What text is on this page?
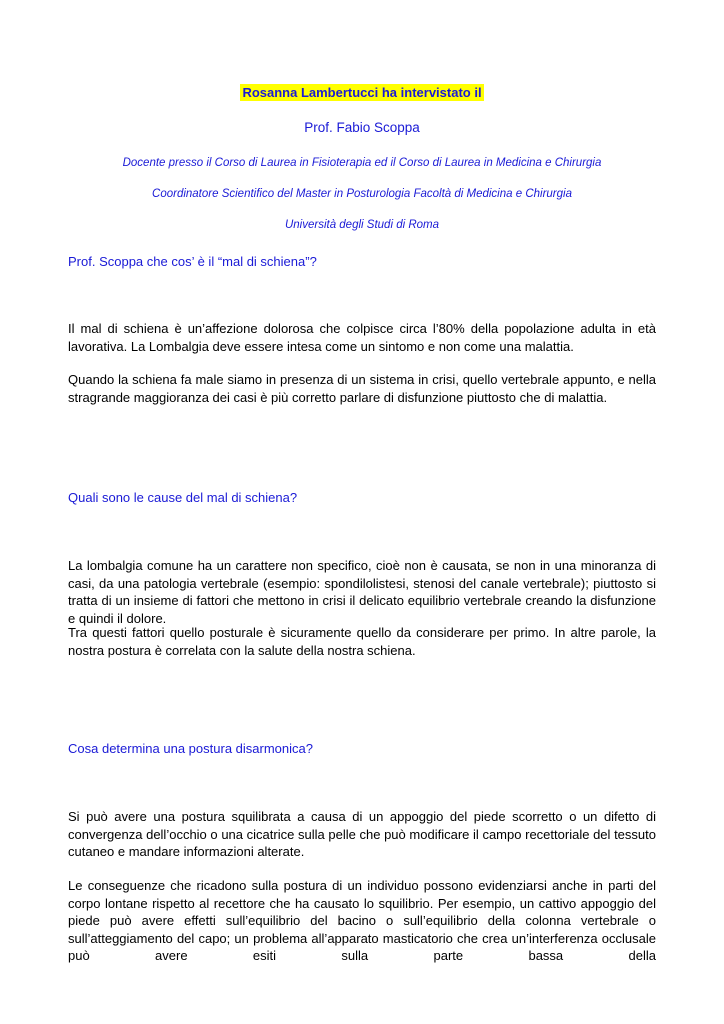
Rosanna Lambertucci ha intervistato il
Prof. Fabio Scoppa
Docente presso il Corso di Laurea in Fisioterapia ed il Corso di Laurea in Medicina e Chirurgia
Coordinatore Scientifico del Master in Posturologia Facoltà di Medicina e Chirurgia
Università degli Studi di Roma
Prof. Scoppa che cos’ è il “mal di schiena”?
Il mal di schiena è un’affezione dolorosa che colpisce circa l’80% della popolazione adulta in età lavorativa. La Lombalgia deve essere intesa come un sintomo e non come una malattia.
Quando la schiena fa male siamo in presenza di un sistema in crisi, quello vertebrale appunto, e nella stragrande maggioranza dei casi è più corretto parlare di disfunzione piuttosto che di malattia.
Quali sono le cause del mal di schiena?
La lombalgia comune ha un carattere non specifico, cioè non è causata, se non in una minoranza di casi, da una patologia vertebrale (esempio: spondilolistesi, stenosi del canale vertebrale); piuttosto si tratta di un insieme di fattori che mettono in crisi il delicato equilibrio vertebrale creando la disfunzione e quindi il dolore.
Tra questi fattori quello posturale è sicuramente quello da considerare per primo. In altre parole, la nostra postura è correlata con la salute della nostra schiena.
Cosa determina una postura disarmonica?
Si può avere una postura squilibrata a causa di un appoggio del piede scorretto o un difetto di convergenza dell’occhio o una cicatrice sulla pelle che può modificare il campo recettoriale del tessuto cutaneo e mandare informazioni alterate.
Le conseguenze che ricadono sulla postura di un individuo possono evidenziarsi anche in parti del corpo lontane rispetto al recettore che ha causato lo squilibrio. Per esempio, un cattivo appoggio del piede può avere effetti sull’equilibrio del bacino o sull’equilibrio della colonna vertebrale o sull’atteggiamento del capo; un problema all’apparato masticatorio che crea un’interferenza occlusale può avere esiti sulla parte bassa della
